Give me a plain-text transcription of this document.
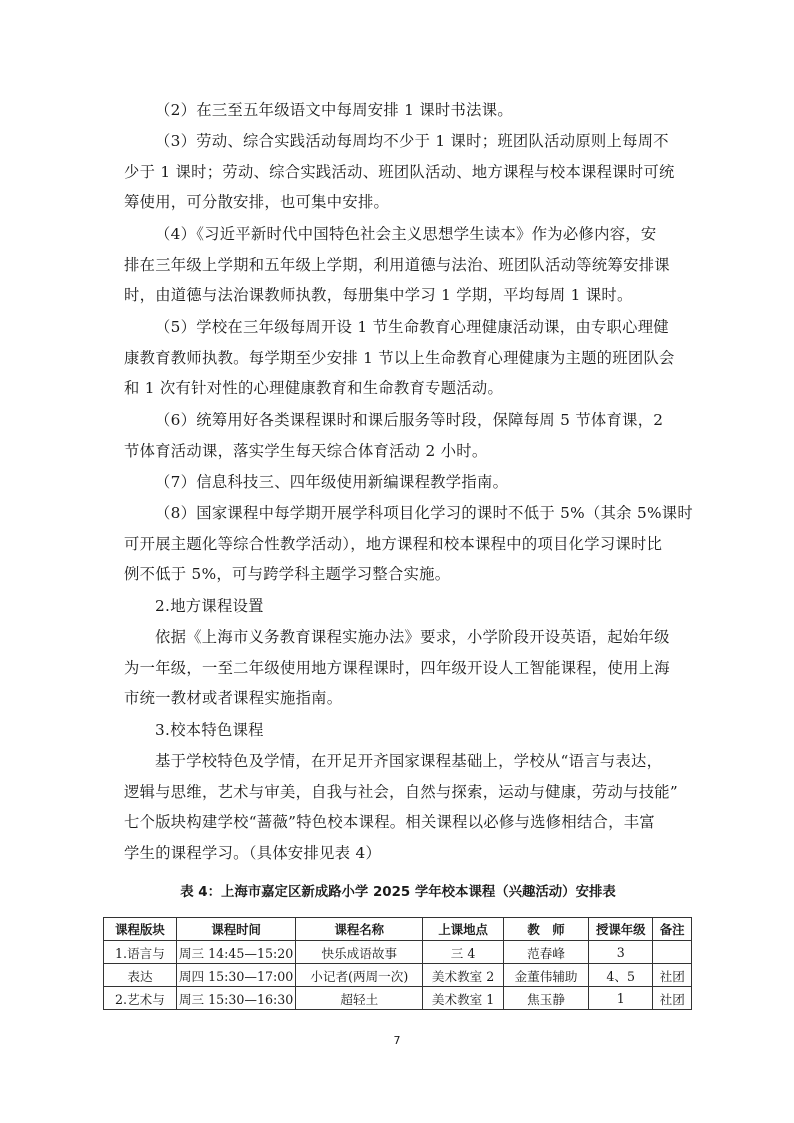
（2）在三至五年级语文中每周安排 1 课时书法课。
（3）劳动、综合实践活动每周均不少于 1 课时；班团队活动原则上每周不
少于 1 课时；劳动、综合实践活动、班团队活动、地方课程与校本课程课时可统
筹使用，可分散安排，也可集中安排。
（4）《习近平新时代中国特色社会主义思想学生读本》作为必修内容，安
排在三年级上学期和五年级上学期，利用道德与法治、班团队活动等统筹安排课
时，由道德与法治课教师执教，每册集中学习 1 学期，平均每周 1 课时。
（5）学校在三年级每周开设 1 节生命教育心理健康活动课，由专职心理健
康教育教师执教。每学期至少安排 1 节以上生命教育心理健康为主题的班团队会
和 1 次有针对性的心理健康教育和生命教育专题活动。
（6）统筹用好各类课程课时和课后服务等时段，保障每周 5 节体育课，2
节体育活动课，落实学生每天综合体育活动 2 小时。
（7）信息科技三、四年级使用新编课程教学指南。
（8）国家课程中每学期开展学科项目化学习的课时不低于 5%（其余 5%课时
可开展主题化等综合性教学活动），地方课程和校本课程中的项目化学习课时比
例不低于 5%，可与跨学科主题学习整合实施。

2.地方课程设置

依据《上海市义务教育课程实施办法》要求，小学阶段开设英语，起始年级
为一年级，一至二年级使用地方课程课时，四年级开设人工智能课程，使用上海
市统一教材或者课程实施指南。

3.校本特色课程

基于学校特色及学情，在开足开齐国家课程基础上，学校从“语言与表达，
逻辑与思维，艺术与审美，自我与社会，自然与探索，运动与健康，劳动与技能”
七个版块构建学校“蔷薇”特色校本课程。相关课程以必修与选修相结合，丰富
学生的课程学习。（具体安排见表 4）

表 4：上海市嘉定区新成路小学 2025 学年校本课程（兴趣活动）安排表

课程版块	课程时间	课程名称	上课地点	教　师	授课年级	备注
1.语言与	周三 14:45—15:20	快乐成语故事	三 4	范春峰	3	
表达	周四 15:30—17:00	小记者(两周一次)	美术教室 2	金董伟辅助	4、5	社团
2.艺术与	周三 15:30—16:30	超轻土	美术教室 1	焦玉静	1	社团
7
